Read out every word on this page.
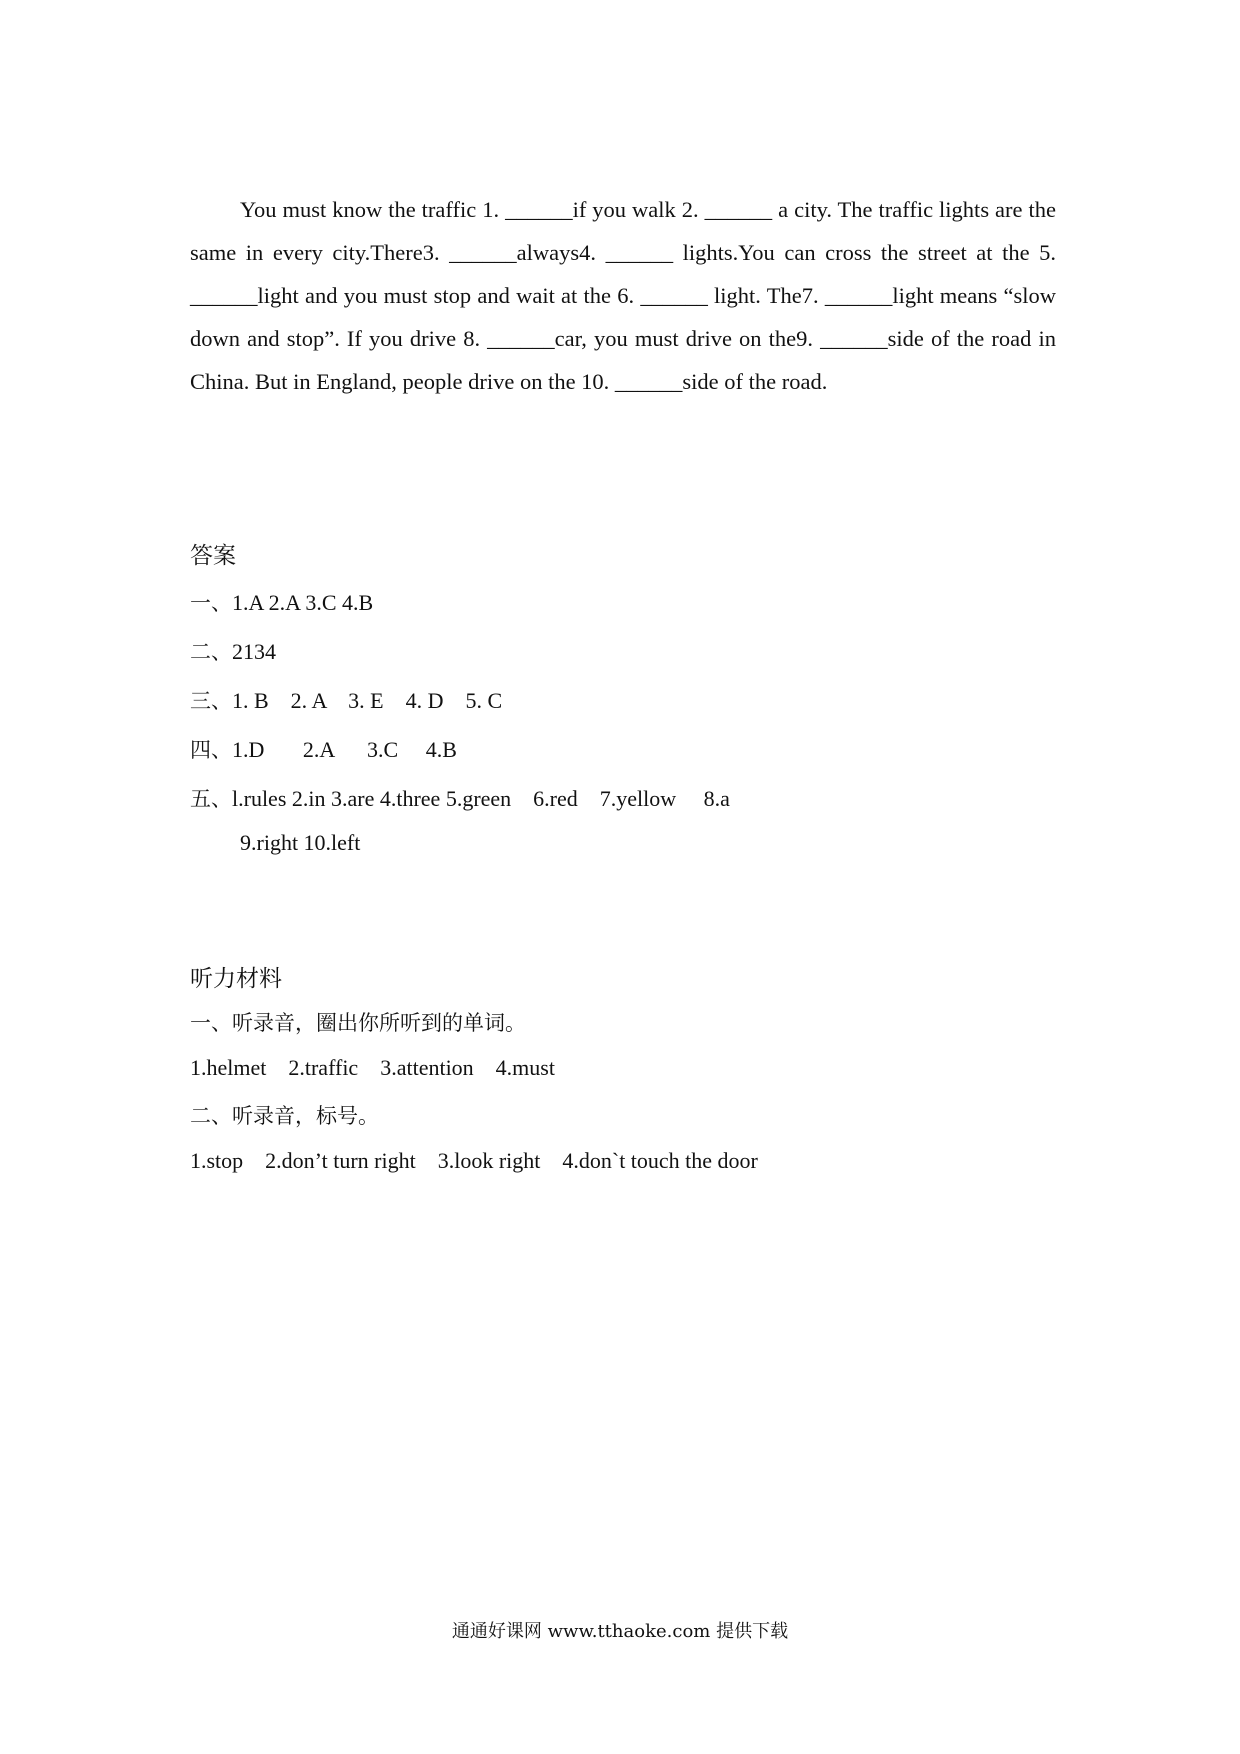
You must know the traffic 1. ______if you walk 2. ______ a city. The traffic lights are the same in every city.There3. ______always4. ______ lights.You can cross the street at the 5. ______light and you must stop and wait at the 6. ______ light. The7. ______light means “slow down and stop”. If you drive 8. ______car, you must drive on the9. ______side of the road in China. But in England, people drive on the 10. ______side of the road.

答案

一、1.A 2.A 3.C 4.B

二、2134

三、1. B    2. A    3. E    4. D    5. C

四、1.D       2.A      3.C     4.B

五、l.rules 2.in 3.are 4.three 5.green    6.red    7.yellow     8.a

9.right 10.left

听力材料

一、听录音，圈出你所听到的单词。

1.helmet    2.traffic    3.attention    4.must

二、听录音，标号。

1.stop    2.don’t turn right    3.look right    4.don`t touch the door

通通好课网 www.tthaoke.com 提供下载
